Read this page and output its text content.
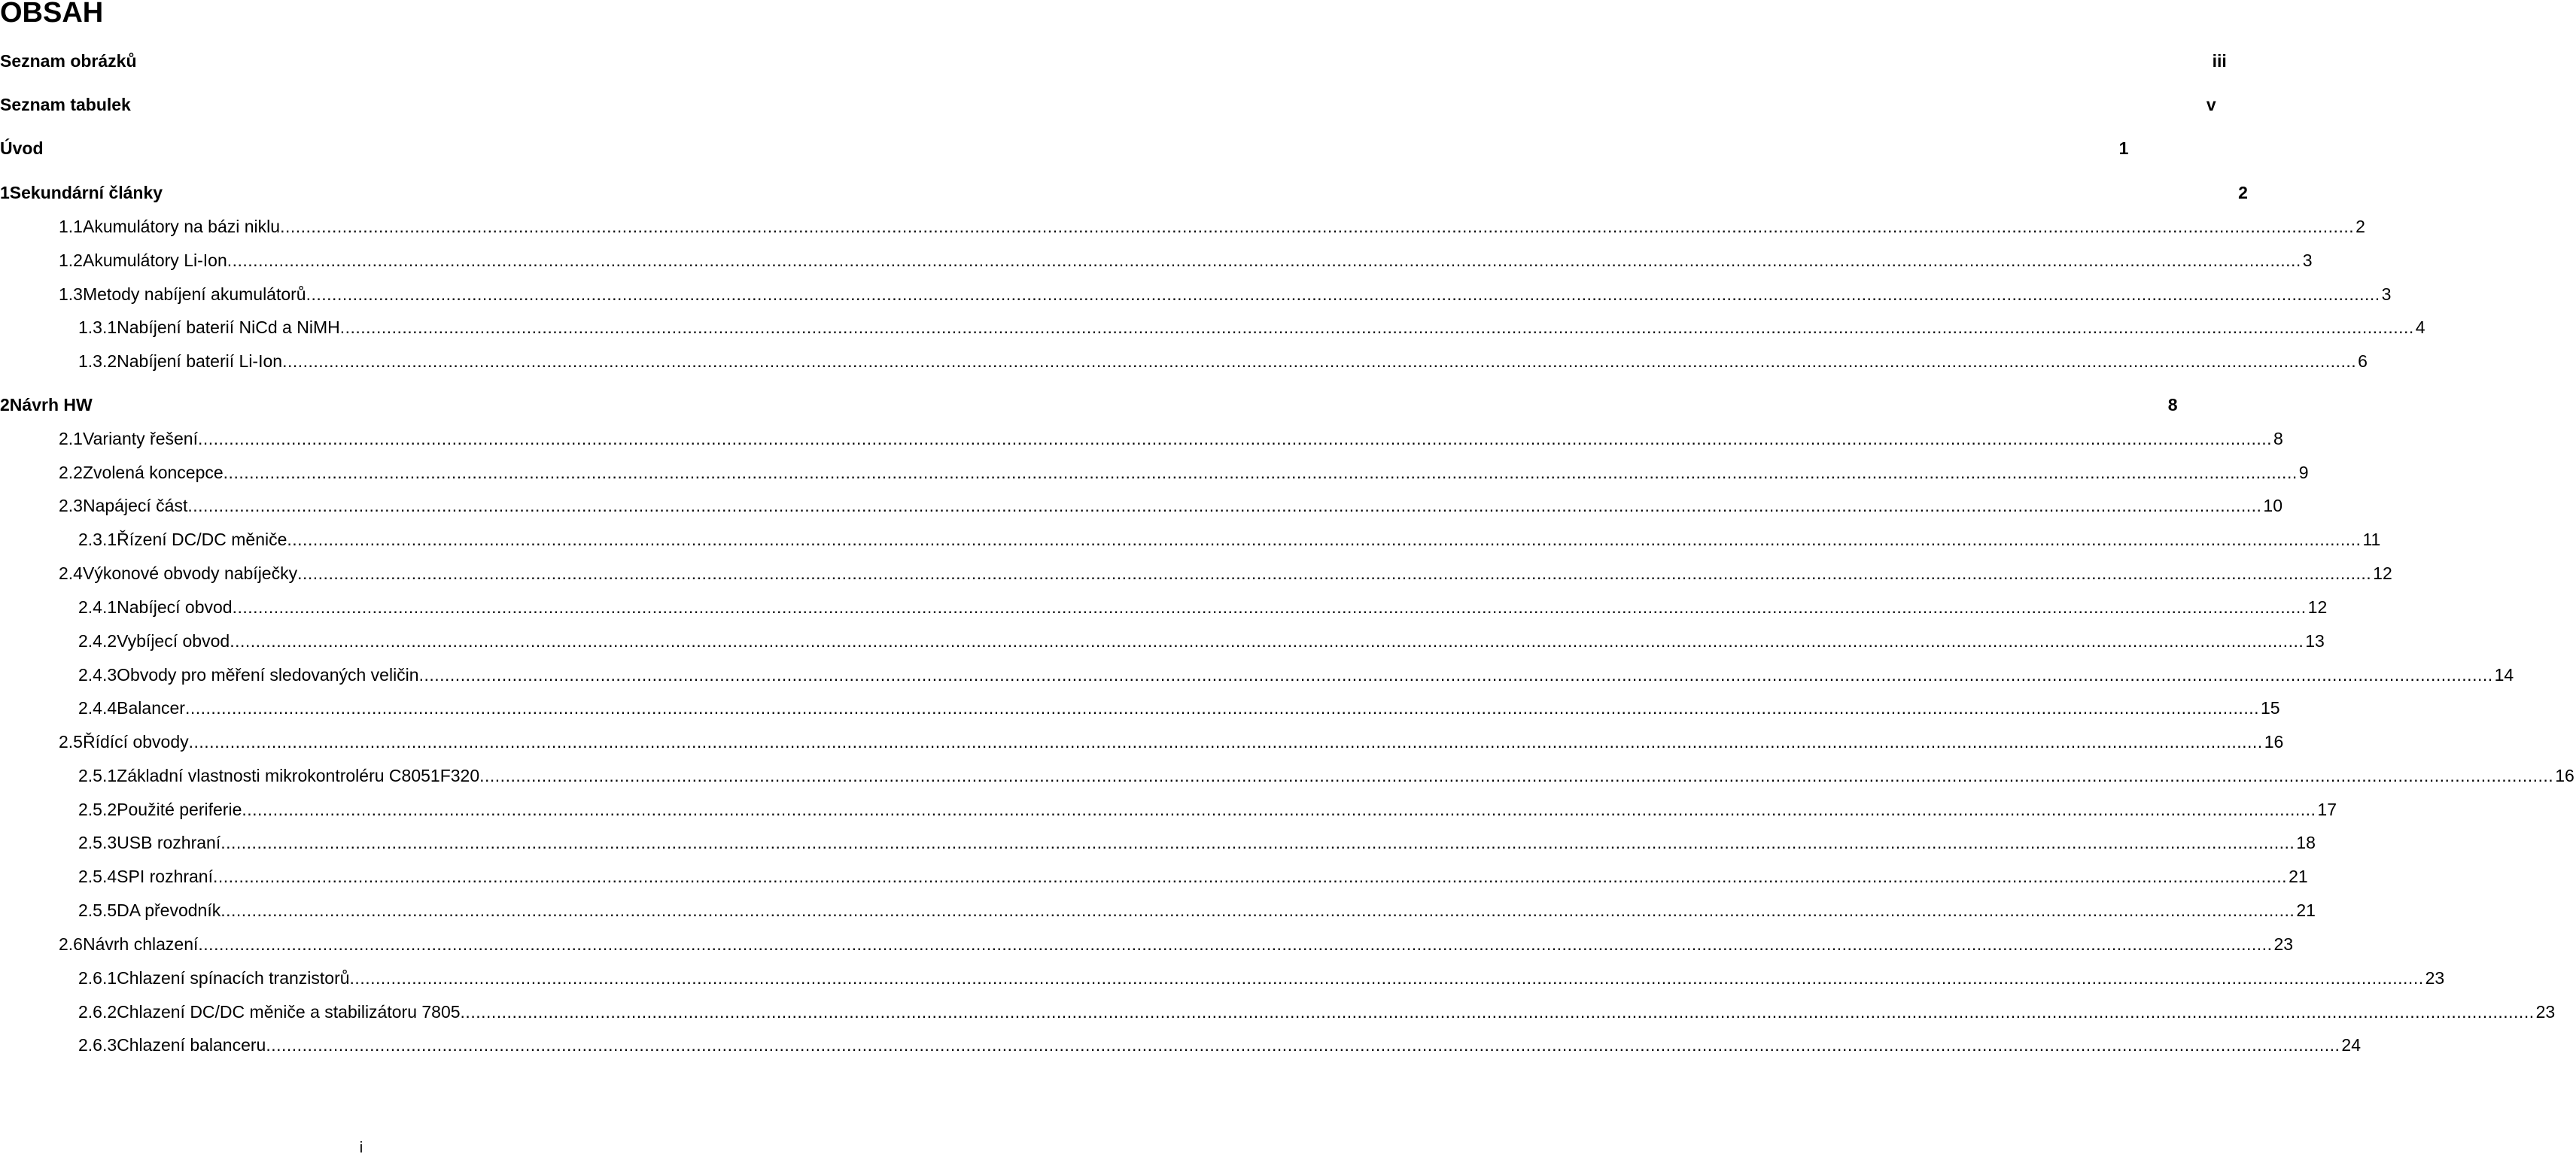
OBSAH
Seznam obrázků	iii
Seznam tabulek	v
Úvod	1
1 Sekundární články	2
1.1 Akumulátory na bázi niklu ................................................................................................................................................................................................................................................................................................................................................................................................................ 2
1.2 Akumulátory Li-Ion ................................................................................................................................................................................................................................................................................................................................................................................................................ 3
1.3 Metody nabíjení akumulátorů ................................................................................................................................................................................................................................................................................................................................................................................................................ 3
1.3.1 Nabíjení baterií NiCd a NiMH ................................................................................................................................................................................................................................................................................................................................................................................................................ 4
1.3.2 Nabíjení baterií Li-Ion ................................................................................................................................................................................................................................................................................................................................................................................................................ 6
2 Návrh HW	8
2.1 Varianty řešení ................................................................................................................................................................................................................................................................................................................................................................................................................ 8
2.2 Zvolená koncepce ................................................................................................................................................................................................................................................................................................................................................................................................................ 9
2.3 Napájecí část ................................................................................................................................................................................................................................................................................................................................................................................................................ 10
2.3.1 Řízení DC/DC měniče ................................................................................................................................................................................................................................................................................................................................................................................................................ 11
2.4 Výkonové obvody nabíječky ................................................................................................................................................................................................................................................................................................................................................................................................................ 12
2.4.1 Nabíjecí obvod ................................................................................................................................................................................................................................................................................................................................................................................................................ 12
2.4.2 Vybíjecí obvod ................................................................................................................................................................................................................................................................................................................................................................................................................ 13
2.4.3 Obvody pro měření sledovaných veličin ................................................................................................................................................................................................................................................................................................................................................................................................................ 14
2.4.4 Balancer ................................................................................................................................................................................................................................................................................................................................................................................................................ 15
2.5 Řídící obvody ................................................................................................................................................................................................................................................................................................................................................................................................................ 16
2.5.1 Základní vlastnosti mikrokontroléru C8051F320 ................................................................................................................................................................................................................................................................................................................................................................................................................ 16
2.5.2 Použité periferie ................................................................................................................................................................................................................................................................................................................................................................................................................ 17
2.5.3 USB rozhraní ................................................................................................................................................................................................................................................................................................................................................................................................................ 18
2.5.4 SPI rozhraní ................................................................................................................................................................................................................................................................................................................................................................................................................ 21
2.5.5 DA převodník ................................................................................................................................................................................................................................................................................................................................................................................................................ 21
2.6 Návrh chlazení ................................................................................................................................................................................................................................................................................................................................................................................................................ 23
2.6.1 Chlazení spínacích tranzistorů ................................................................................................................................................................................................................................................................................................................................................................................................................ 23
2.6.2 Chlazení DC/DC měniče a stabilizátoru 7805 ................................................................................................................................................................................................................................................................................................................................................................................................................ 23
2.6.3 Chlazení balanceru ................................................................................................................................................................................................................................................................................................................................................................................................................ 24
i
